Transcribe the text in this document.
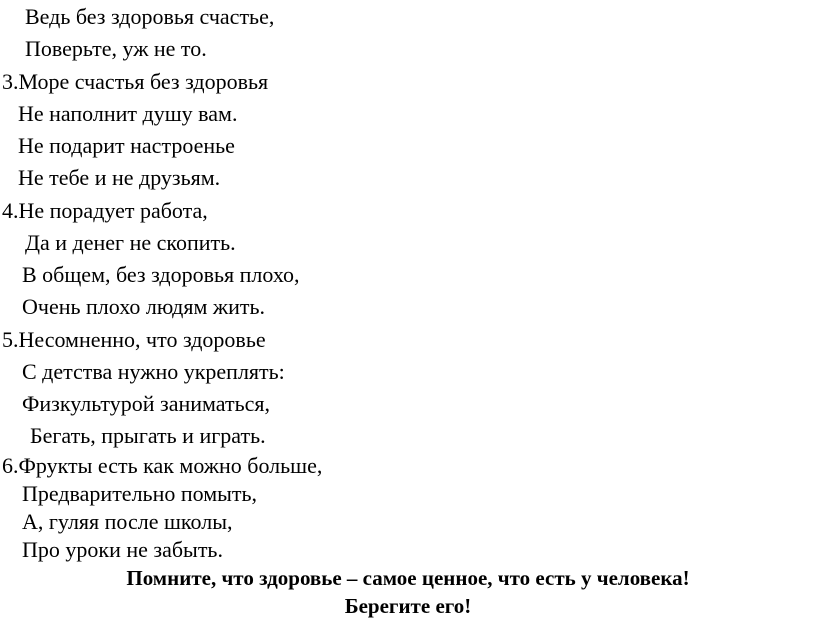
Ведь без здоровья счастье,
Поверьте, уж не то.
3.Море счастья без здоровья
Не наполнит душу вам.
Не подарит настроенье
Не тебе и не друзьям.
4.Не порадует работа,
Да и денег не скопить.
В общем, без здоровья плохо,
Очень плохо людям жить.
5.Несомненно, что здоровье
С детства нужно укреплять:
Физкультурой заниматься,
Бегать, прыгать и играть.
6.Фрукты есть как можно больше,
Предварительно помыть,
А, гуляя после школы,
Про уроки не забыть.
Помните, что здоровье – самое ценное, что есть у человека!
Берегите его!
